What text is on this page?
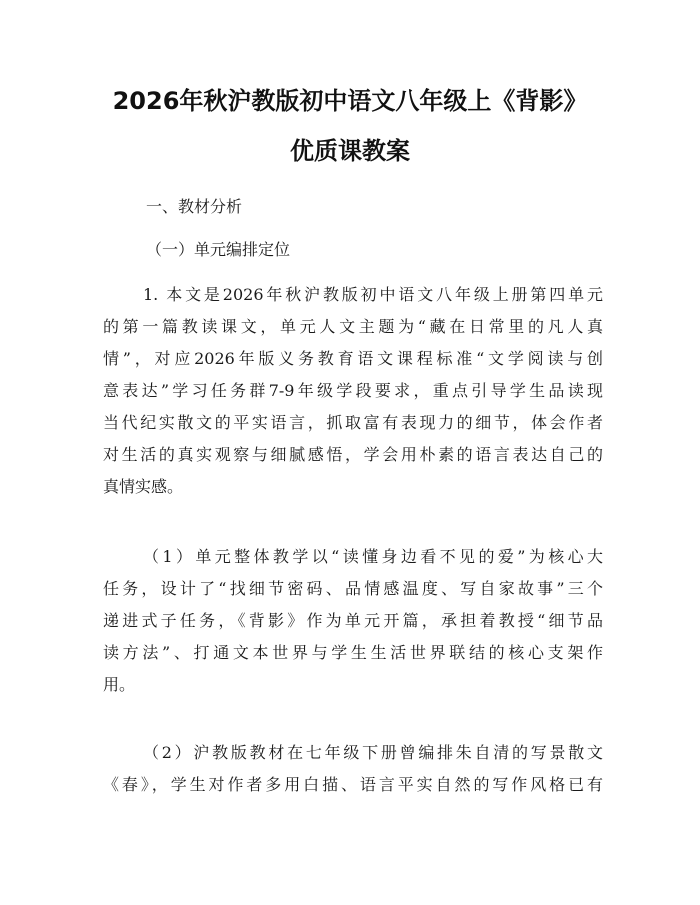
2026年秋沪教版初中语文八年级上《背影》
优质课教案
一、教材分析
（一）单元编排定位
1. 本文是2026年秋沪教版初中语文八年级上册第四单元
的第一篇教读课文，单元人文主题为“藏在日常里的凡人真
情”，对应2026年版义务教育语文课程标准“文学阅读与创
意表达”学习任务群7-9年级学段要求，重点引导学生品读现
当代纪实散文的平实语言，抓取富有表现力的细节，体会作者
对生活的真实观察与细腻感悟，学会用朴素的语言表达自己的
真情实感。
（1）单元整体教学以“读懂身边看不见的爱”为核心大
任务，设计了“找细节密码、品情感温度、写自家故事”三个
递进式子任务，《背影》作为单元开篇，承担着教授“细节品
读方法”、打通文本世界与学生生活世界联结的核心支架作
用。
（2）沪教版教材在七年级下册曾编排朱自清的写景散文
《春》，学生对作者多用白描、语言平实自然的写作风格已有
